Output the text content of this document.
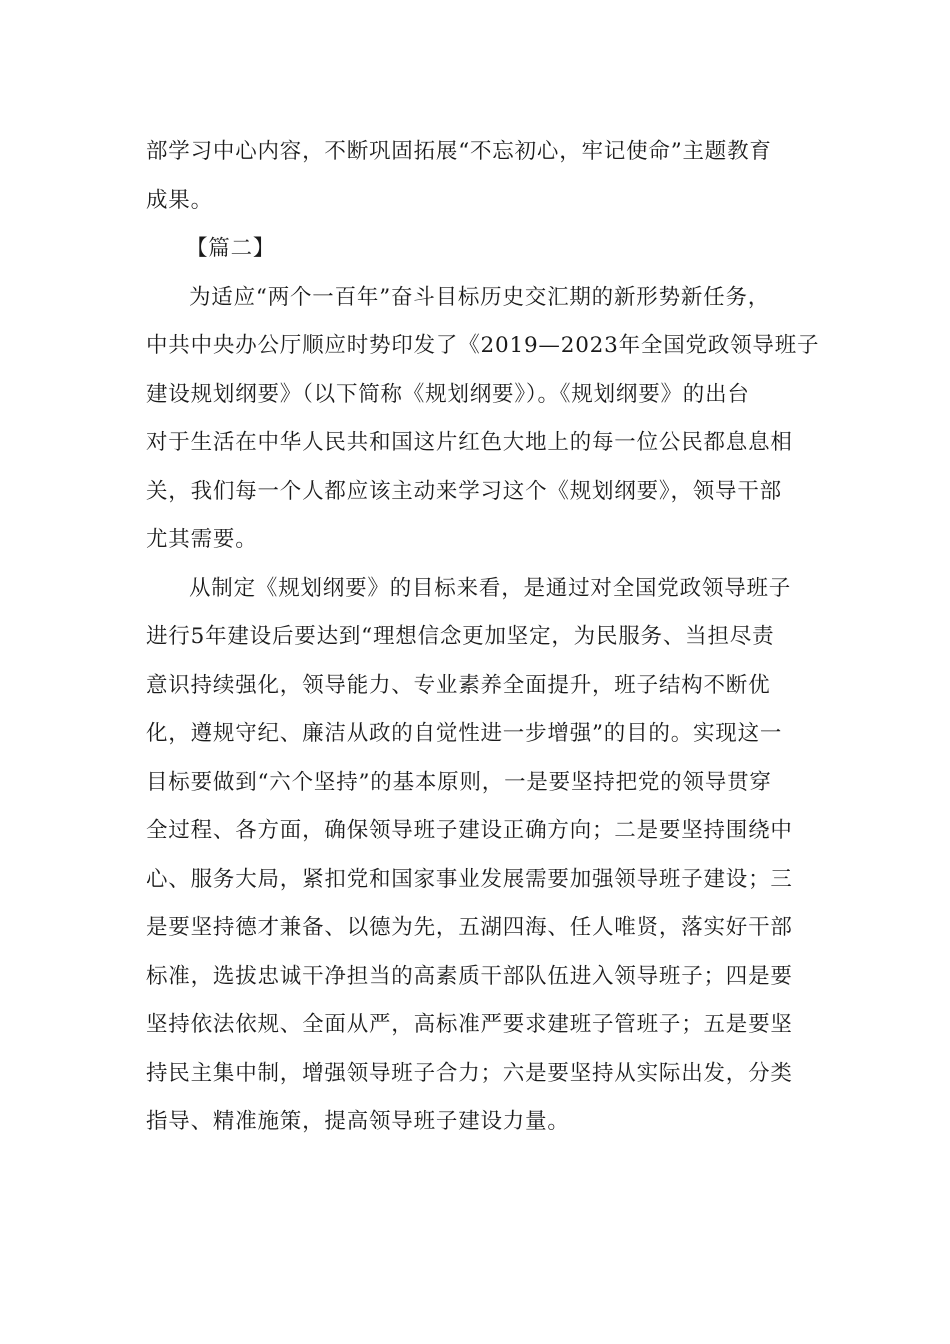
部学习中心内容，不断巩固拓展“不忘初心，牢记使命”主题教育
成果。
【篇二】
为适应“两个一百年”奋斗目标历史交汇期的新形势新任务，
中共中央办公厅顺应时势印发了《2019—2023年全国党政领导班子
建设规划纲要》（以下简称《规划纲要》）。《规划纲要》的出台
对于生活在中华人民共和国这片红色大地上的每一位公民都息息相
关，我们每一个人都应该主动来学习这个《规划纲要》，领导干部
尤其需要。
从制定《规划纲要》的目标来看，是通过对全国党政领导班子
进行5年建设后要达到“理想信念更加坚定，为民服务、当担尽责
意识持续强化，领导能力、专业素养全面提升，班子结构不断优
化，遵规守纪、廉洁从政的自觉性进一步增强”的目的。实现这一
目标要做到“六个坚持”的基本原则，一是要坚持把党的领导贯穿
全过程、各方面，确保领导班子建设正确方向；二是要坚持围绕中
心、服务大局，紧扣党和国家事业发展需要加强领导班子建设；三
是要坚持德才兼备、以德为先，五湖四海、任人唯贤，落实好干部
标准，选拔忠诚干净担当的高素质干部队伍进入领导班子；四是要
坚持依法依规、全面从严，高标准严要求建班子管班子；五是要坚
持民主集中制，增强领导班子合力；六是要坚持从实际出发，分类
指导、精准施策，提高领导班子建设力量。
